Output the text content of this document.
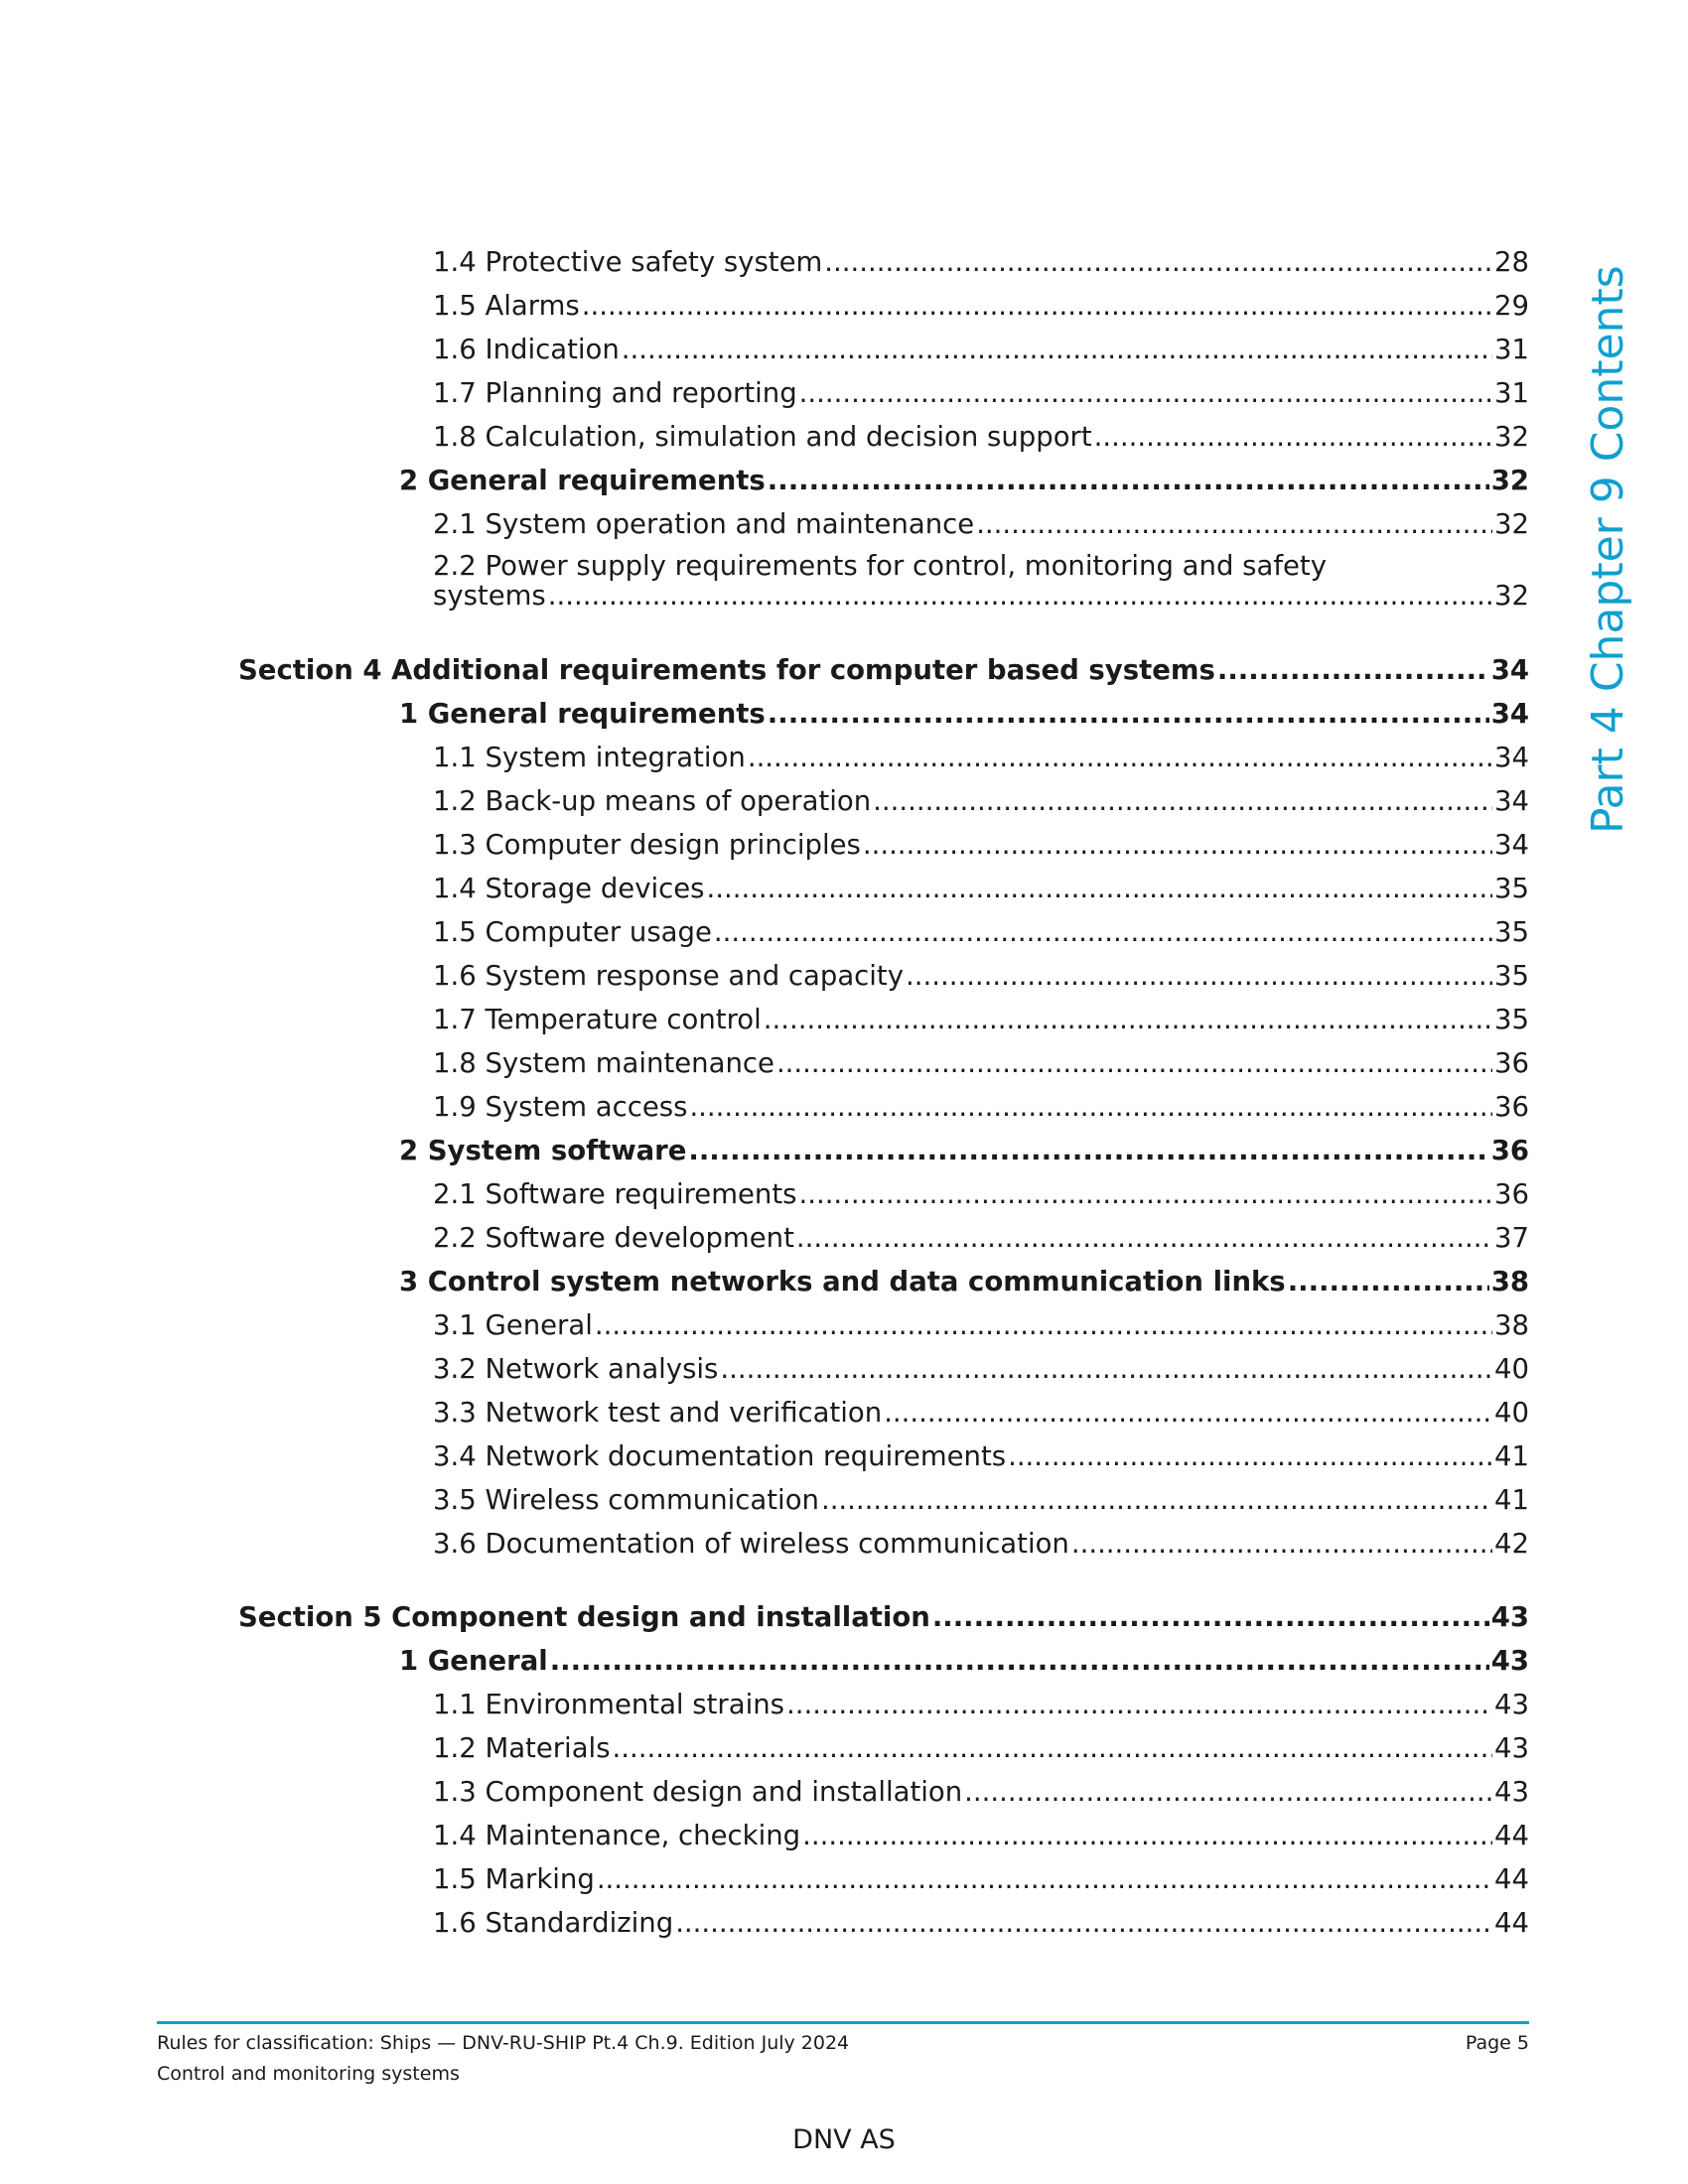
1.4 Protective safety system .....	28
1.5 Alarms .....	29
1.6 Indication .....	31
1.7 Planning and reporting .....	31
1.8 Calculation, simulation and decision support .....	32
2 General requirements .....	32
2.1 System operation and maintenance .....	32
2.2 Power supply requirements for control, monitoring and safety
systems .....	32
Section 4 Additional requirements for computer based systems .....	34
1 General requirements .....	34
1.1 System integration .....	34
1.2 Back-up means of operation .....	34
1.3 Computer design principles .....	34
1.4 Storage devices .....	35
1.5 Computer usage .....	35
1.6 System response and capacity .....	35
1.7 Temperature control .....	35
1.8 System maintenance .....	36
1.9 System access .....	36
2 System software .....	36
2.1 Software requirements .....	36
2.2 Software development .....	37
3 Control system networks and data communication links .....	38
3.1 General .....	38
3.2 Network analysis .....	40
3.3 Network test and verification .....	40
3.4 Network documentation requirements .....	41
3.5 Wireless communication .....	41
3.6 Documentation of wireless communication .....	42
Section 5 Component design and installation .....	43
1 General .....	43
1.1 Environmental strains .....	43
1.2 Materials .....	43
1.3 Component design and installation .....	43
1.4 Maintenance, checking .....	44
1.5 Marking .....	44
1.6 Standardizing .....	44
Part 4 Chapter 9 Contents
Rules for classification: Ships — DNV-RU-SHIP Pt.4 Ch.9. Edition July 2024
Control and monitoring systems
Page 5
DNV AS
